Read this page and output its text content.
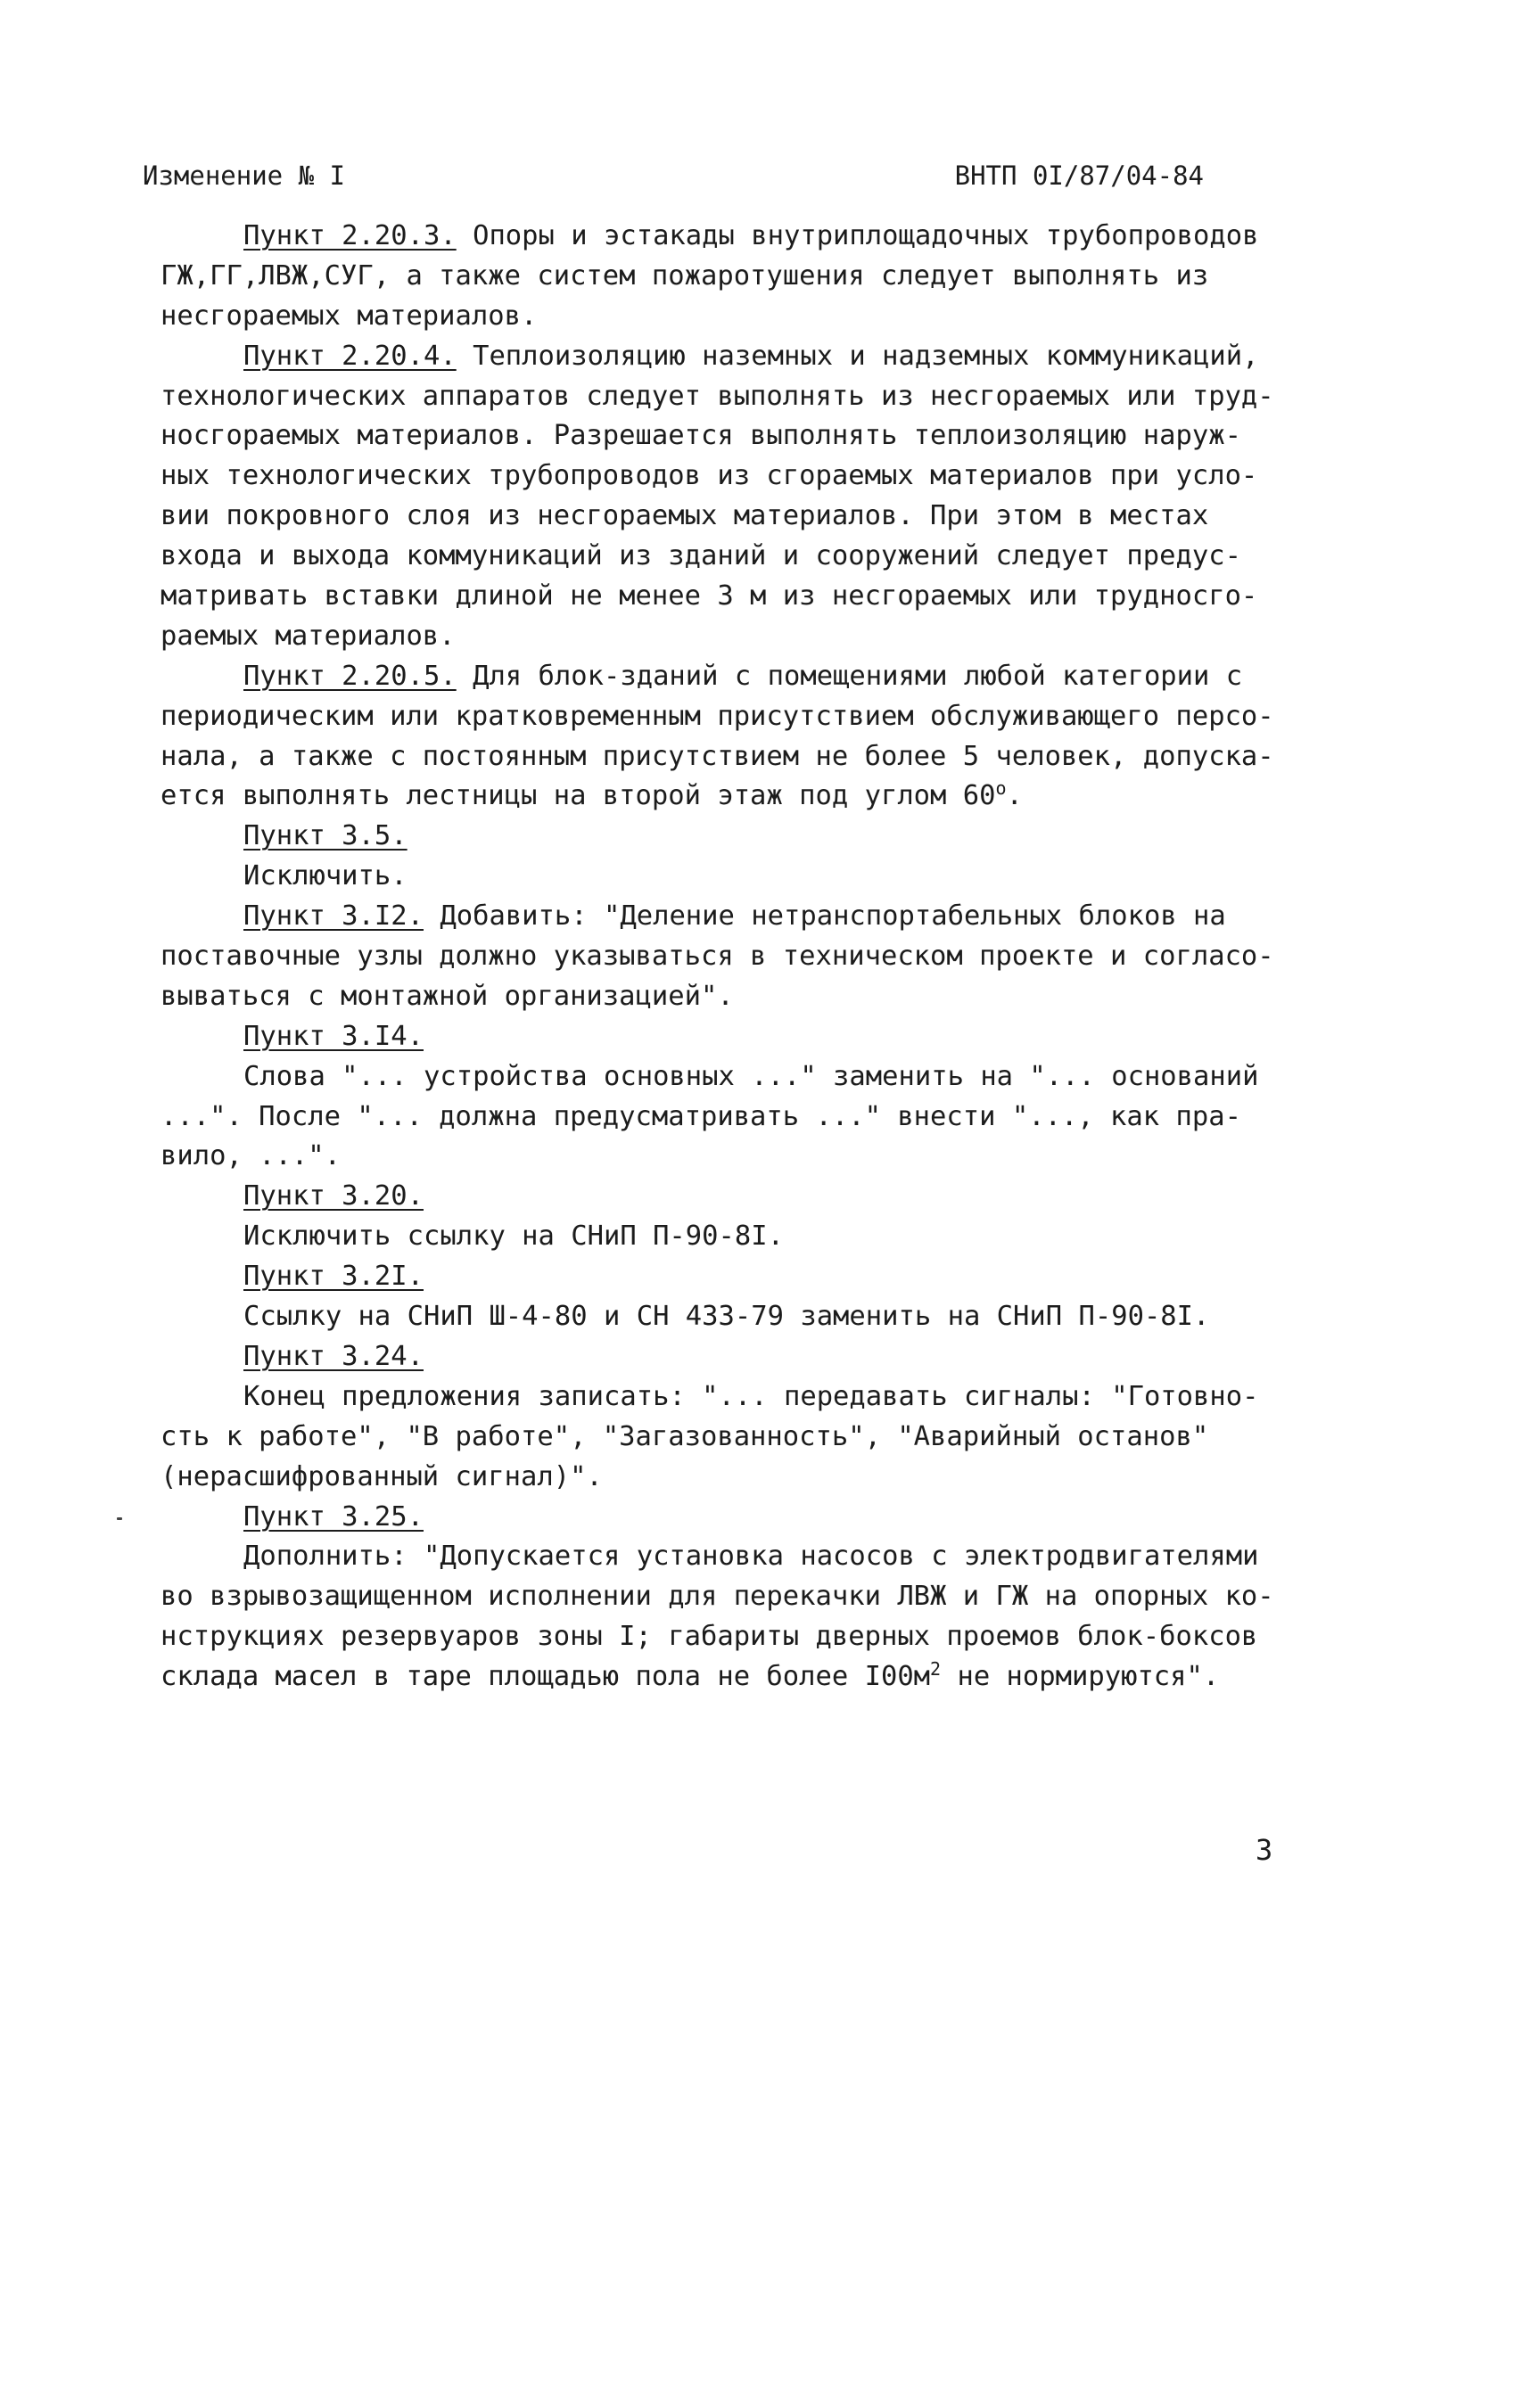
Изменение № I	ВНТП 0I/87/04-84
Пункт 2.20.3. Опоры и эстакады внутриплощадочных трубопроводов
ГЖ,ГГ,ЛВЖ,СУГ, а также систем пожаротушения следует выполнять из
несгораемых материалов.
Пункт 2.20.4. Теплоизоляцию наземных и надземных коммуникаций,
технологических аппаратов следует выполнять из несгораемых или труд-
носгораемых материалов. Разрешается выполнять теплоизоляцию наруж-
ных технологических трубопроводов из сгораемых материалов при усло-
вии покровного слоя из несгораемых материалов. При этом в местах
входа и выхода коммуникаций из зданий и сооружений следует предус-
матривать вставки длиной не менее 3 м из несгораемых или трудносго-
раемых материалов.
Пункт 2.20.5. Для блок-зданий с помещениями любой категории с
периодическим или кратковременным присутствием обслуживающего персо-
нала, а также с постоянным присутствием не более 5 человек, допуска-
ется выполнять лестницы на второй этаж под углом 60$^o$.
Пункт 3.5.
Исключить.
Пункт 3.I2. Добавить: "Деление нетранспортабельных блоков на
поставочные узлы должно указываться в техническом проекте и согласо-
вываться с монтажной организацией".
Пункт 3.I4.
Слова "... устройства основных ..." заменить на "... оснований
...". После "... должна предусматривать ..." внести "..., как пра-
вило, ...".
Пункт 3.20.
Исключить ссылку на СНиП П-90-8I.
Пункт 3.2I.
Ссылку на СНиП Ш-4-80 и СН 433-79 заменить на СНиП П-90-8I.
Пункт 3.24.
Конец предложения записать: "... передавать сигналы: "Готовно-
сть к работе", "В работе", "Загазованность", "Аварийный останов"
(нерасшифрованный сигнал)".
Пункт 3.25.
Дополнить: "Допускается установка насосов с электродвигателями
во взрывозащищенном исполнении для перекачки ЛВЖ и ГЖ на опорных ко-
нструкциях резервуаров зоны I; габариты дверных проемов блок-боксов
склада масел в таре площадью пола не более $I00м^2$ не нормируются".
3
